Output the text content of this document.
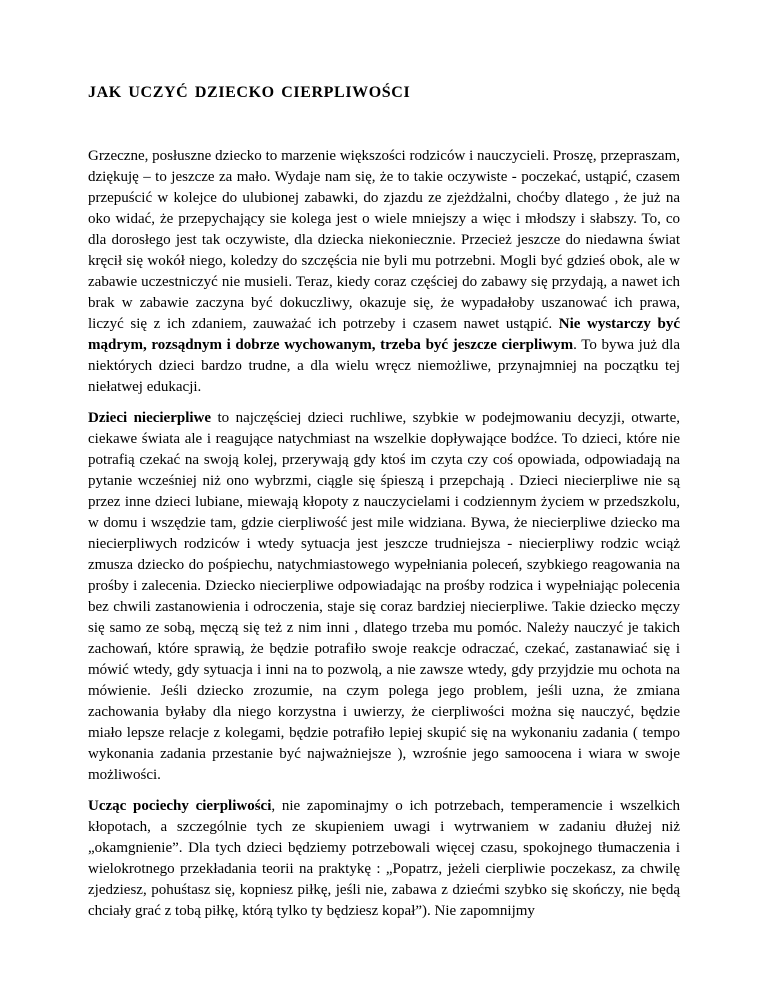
JAK UCZYĆ DZIECKO CIERPLIWOŚCI

Grzeczne, posłuszne dziecko to marzenie większości rodziców i nauczycieli. Proszę, przepraszam, dziękuję – to jeszcze za mało. Wydaje nam się, że to takie oczywiste - poczekać, ustąpić, czasem przepuścić w kolejce do ulubionej zabawki, do zjazdu ze zjeżdżalni, choćby dlatego , że już na oko widać, że przepychający sie kolega jest o wiele mniejszy a więc i młodszy i słabszy. To, co dla dorosłego jest tak oczywiste, dla dziecka niekoniecznie. Przecież jeszcze do niedawna świat kręcił się wokół niego, koledzy do szczęścia nie byli mu potrzebni. Mogli być gdzieś obok, ale w zabawie uczestniczyć nie musieli. Teraz, kiedy coraz częściej do zabawy się przydają, a nawet ich brak w zabawie zaczyna być dokuczliwy, okazuje się, że wypadałoby uszanować ich prawa, liczyć się z ich zdaniem, zauważać ich potrzeby i czasem nawet ustąpić. Nie wystarczy być mądrym, rozsądnym i dobrze wychowanym, trzeba być jeszcze cierpliwym. To bywa już dla niektórych dzieci bardzo trudne, a dla wielu wręcz niemożliwe, przynajmniej na początku tej niełatwej edukacji.

Dzieci niecierpliwe to najczęściej dzieci ruchliwe, szybkie w podejmowaniu decyzji, otwarte, ciekawe świata ale i reagujące natychmiast na wszelkie dopływające bodźce. To dzieci, które nie potrafią czekać na swoją kolej, przerywają gdy ktoś im czyta czy coś opowiada, odpowiadają na pytanie wcześniej niż ono wybrzmi, ciągle się śpieszą i przepchają . Dzieci niecierpliwe nie są przez inne dzieci lubiane, miewają kłopoty z nauczycielami i codziennym życiem w przedszkolu, w domu i wszędzie tam, gdzie cierpliwość jest mile widziana. Bywa, że niecierpliwe dziecko ma niecierpliwych rodziców i wtedy sytuacja jest jeszcze trudniejsza - niecierpliwy rodzic wciąż zmusza dziecko do pośpiechu, natychmiastowego wypełniania poleceń, szybkiego reagowania na prośby i zalecenia. Dziecko niecierpliwe odpowiadając na prośby rodzica i wypełniając polecenia bez chwili zastanowienia i odroczenia, staje się coraz bardziej niecierpliwe. Takie dziecko męczy się samo ze sobą, męczą się też z nim inni , dlatego trzeba mu pomóc. Należy nauczyć je takich zachowań, które sprawią, że będzie potrafiło swoje reakcje odraczać, czekać, zastanawiać się i mówić wtedy, gdy sytuacja i inni na to pozwolą, a nie zawsze wtedy, gdy przyjdzie mu ochota na mówienie. Jeśli dziecko zrozumie, na czym polega jego problem, jeśli uzna, że zmiana zachowania byłaby dla niego korzystna i uwierzy, że cierpliwości można się nauczyć, będzie miało lepsze relacje z kolegami, będzie potrafiło lepiej skupić się na wykonaniu zadania ( tempo wykonania zadania przestanie być najważniejsze ), wzrośnie jego samoocena i wiara w swoje możliwości.

Ucząc pociechy cierpliwości, nie zapominajmy o ich potrzebach, temperamencie i wszelkich kłopotach, a szczególnie tych ze skupieniem uwagi i wytrwaniem w zadaniu dłużej niż „okamgnienie”. Dla tych dzieci będziemy potrzebowali więcej czasu, spokojnego tłumaczenia i wielokrotnego przekładania teorii na praktykę : „Popatrz, jeżeli cierpliwie poczekasz, za chwilę zjedziesz, pohuśtasz się, kopniesz piłkę, jeśli nie, zabawa z dziećmi szybko się skończy, nie będą chciały grać z tobą piłkę, którą tylko ty będziesz kopał”). Nie zapomnijmy
